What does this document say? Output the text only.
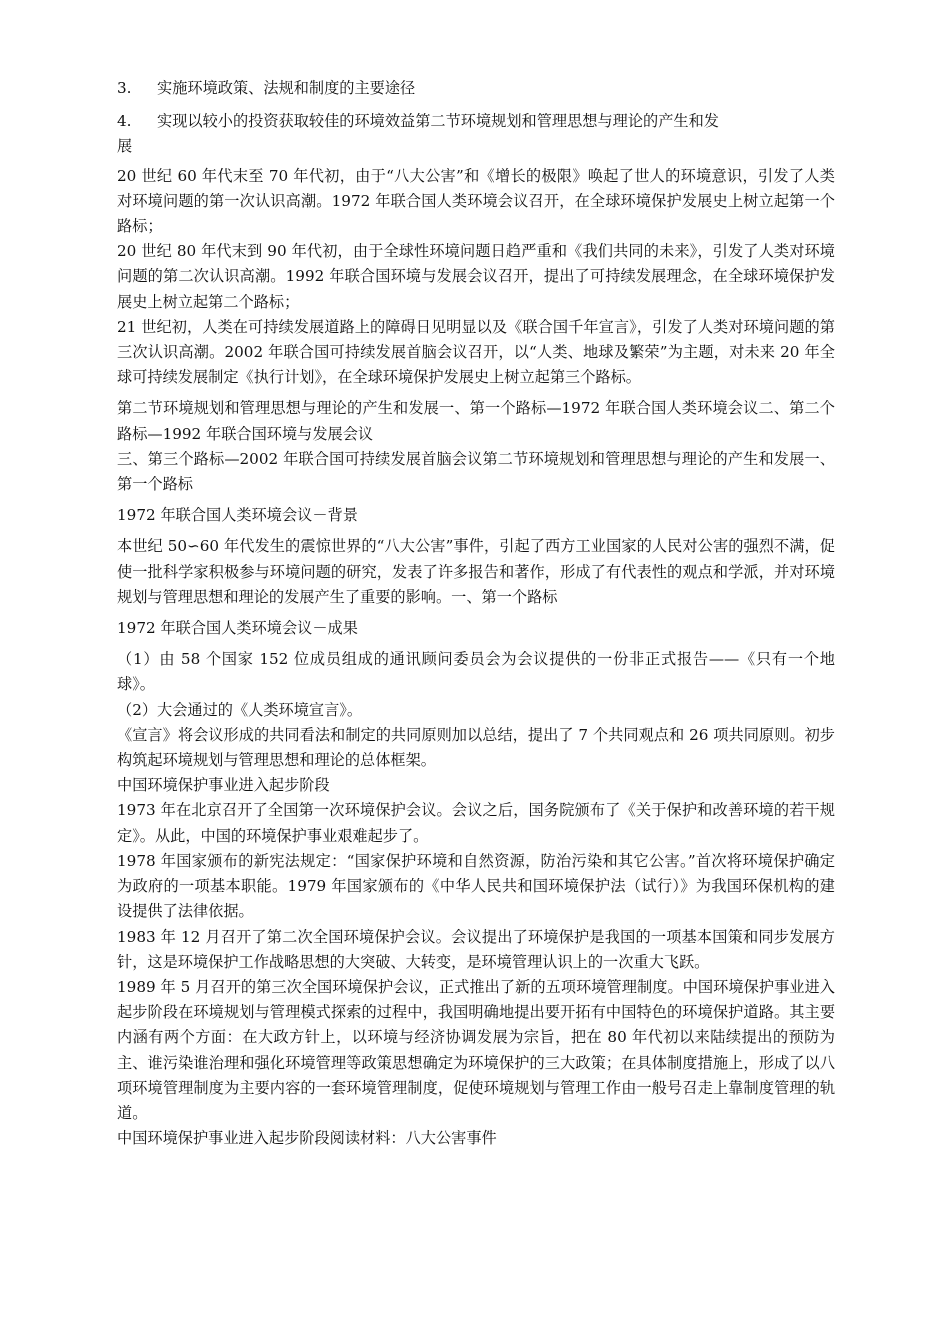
3.	实施环境政策、法规和制度的主要途径
4.	实现以较小的投资获取较佳的环境效益第二节环境规划和管理思想与理论的产生和发

展

20 世纪 60 年代末至 70 年代初，由于“八大公害”和《增长的极限》唤起了世人的环境意识，引发了人类对环境问题的第一次认识高潮。1972 年联合国人类环境会议召开，在全球环境保护发展史上树立起第一个路标；

20 世纪 80 年代末到 90 年代初，由于全球性环境问题日趋严重和《我们共同的未来》，引发了人类对环境问题的第二次认识高潮。1992 年联合国环境与发展会议召开，提出了可持续发展理念，在全球环境保护发展史上树立起第二个路标；

21 世纪初，人类在可持续发展道路上的障碍日见明显以及《联合国千年宣言》，引发了人类对环境问题的第三次认识高潮。2002 年联合国可持续发展首脑会议召开，以“人类、地球及繁荣”为主题，对未来 20 年全球可持续发展制定《执行计划》，在全球环境保护发展史上树立起第三个路标。

第二节环境规划和管理思想与理论的产生和发展一、第一个路标—1972 年联合国人类环境会议二、第二个路标—1992 年联合国环境与发展会议

三、第三个路标—2002 年联合国可持续发展首脑会议第二节环境规划和管理思想与理论的产生和发展一、第一个路标

1972 年联合国人类环境会议－背景

本世纪 50∽60 年代发生的震惊世界的“八大公害”事件，引起了西方工业国家的人民对公害的强烈不满，促使一批科学家积极参与环境问题的研究，发表了许多报告和著作，形成了有代表性的观点和学派，并对环境规划与管理思想和理论的发展产生了重要的影响。一、第一个路标

1972 年联合国人类环境会议－成果

（1）由 58 个国家 152 位成员组成的通讯顾问委员会为会议提供的一份非正式报告——《只有一个地球》。

（2）大会通过的《人类环境宣言》。

《宣言》将会议形成的共同看法和制定的共同原则加以总结，提出了 7 个共同观点和 26 项共同原则。初步构筑起环境规划与管理思想和理论的总体框架。

中国环境保护事业进入起步阶段

1973 年在北京召开了全国第一次环境保护会议。会议之后，国务院颁布了《关于保护和改善环境的若干规定》。从此，中国的环境保护事业艰难起步了。

1978 年国家颁布的新宪法规定：“国家保护环境和自然资源，防治污染和其它公害。”首次将环境保护确定为政府的一项基本职能。1979 年国家颁布的《中华人民共和国环境保护法（试行）》为我国环保机构的建设提供了法律依据。

1983 年 12 月召开了第二次全国环境保护会议。会议提出了环境保护是我国的一项基本国策和同步发展方针，这是环境保护工作战略思想的大突破、大转变，是环境管理认识上的一次重大飞跃。

1989 年 5 月召开的第三次全国环境保护会议，正式推出了新的五项环境管理制度。中国环境保护事业进入起步阶段在环境规划与管理模式探索的过程中，我国明确地提出要开拓有中国特色的环境保护道路。其主要内涵有两个方面：在大政方针上，以环境与经济协调发展为宗旨，把在 80 年代初以来陆续提出的预防为主、谁污染谁治理和强化环境管理等政策思想确定为环境保护的三大政策；在具体制度措施上，形成了以八项环境管理制度为主要内容的一套环境管理制度，促使环境规划与管理工作由一般号召走上靠制度管理的轨道。

中国环境保护事业进入起步阶段阅读材料：八大公害事件
